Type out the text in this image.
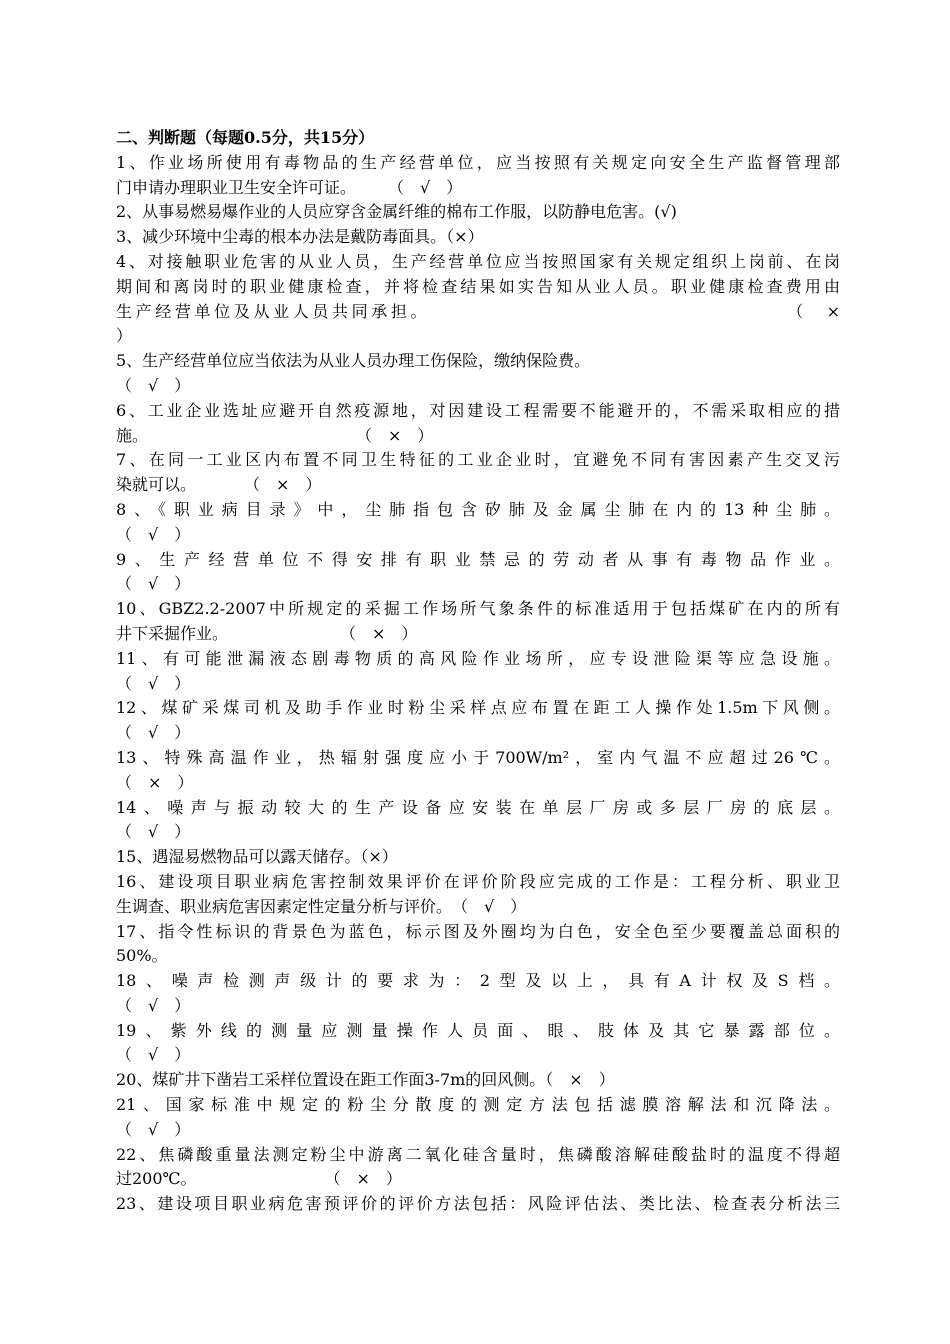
二、判断题（每题0.5分，共15分）
1、作业场所使用有毒物品的生产经营单位，应当按照有关规定向安全生产监督管理部
门申请办理职业卫生安全许可证。　　　（　√　）
2、从事易燃易爆作业的人员应穿含金属纤维的棉布工作服，以防静电危害。(√)
3、减少环境中尘毒的根本办法是戴防毒面具。（×）
4、对接触职业危害的从业人员，生产经营单位应当按照国家有关规定组织上岗前、在岗
期间和离岗时的职业健康检查，并将检查结果如实告知从业人员。职业健康检查费用由
生产经营单位及从业人员共同承担。　　　　　　　　　　　　　　　　　　　（　×
）
5、生产经营单位应当依法为从业人员办理工伤保险，缴纳保险费。
（　√　）
6、工业企业选址应避开自然疫源地，对因建设工程需要不能避开的，不需采取相应的措
施。　　　　　　　　　　　　　　（　×　）
7、在同一工业区内布置不同卫生特征的工业企业时，宜避免不同有害因素产生交叉污
染就可以。　　　　（　×　）
8、《职业病目录》中，尘肺指包含矽肺及金属尘肺在内的13种尘肺。
（　√　）
9、生产经营单位不得安排有职业禁忌的劳动者从事有毒物品作业。
（　√　）
10、GBZ2.2-2007中所规定的采掘工作场所气象条件的标准适用于包括煤矿在内的所有
井下采掘作业。　　　　　　　　（　×　）
11、有可能泄漏液态剧毒物质的高风险作业场所，应专设泄险渠等应急设施。
（　√　）
12、煤矿采煤司机及助手作业时粉尘采样点应布置在距工人操作处1.5m下风侧。
（　√　）
13、特殊高温作业，热辐射强度应小于700W/m²，室内气温不应超过26℃。
（　×　）
14、噪声与振动较大的生产设备应安装在单层厂房或多层厂房的底层。
（　√　）
15、遇湿易燃物品可以露天储存。（×）
16、建设项目职业病危害控制效果评价在评价阶段应完成的工作是：工程分析、职业卫
生调查、职业病危害因素定性定量分析与评价。　（　√　）
17、指令性标识的背景色为蓝色，标示图及外圈均为白色，安全色至少要覆盖总面积的
50%。
18、噪声检测声级计的要求为：2型及以上，具有A计权及S档。
（　√　）
19、紫外线的测量应测量操作人员面、眼、肢体及其它暴露部位。
（　√　）
20、煤矿井下凿岩工采样位置设在距工作面3-7m的回风侧。（　×　）
21、国家标准中规定的粉尘分散度的测定方法包括滤膜溶解法和沉降法。
（　√　）
22、焦磷酸重量法测定粉尘中游离二氧化硅含量时，焦磷酸溶解硅酸盐时的温度不得超
过200℃。　　　　　　　　　（　×　）
23、建设项目职业病危害预评价的评价方法包括：风险评估法、类比法、检查表分析法三
